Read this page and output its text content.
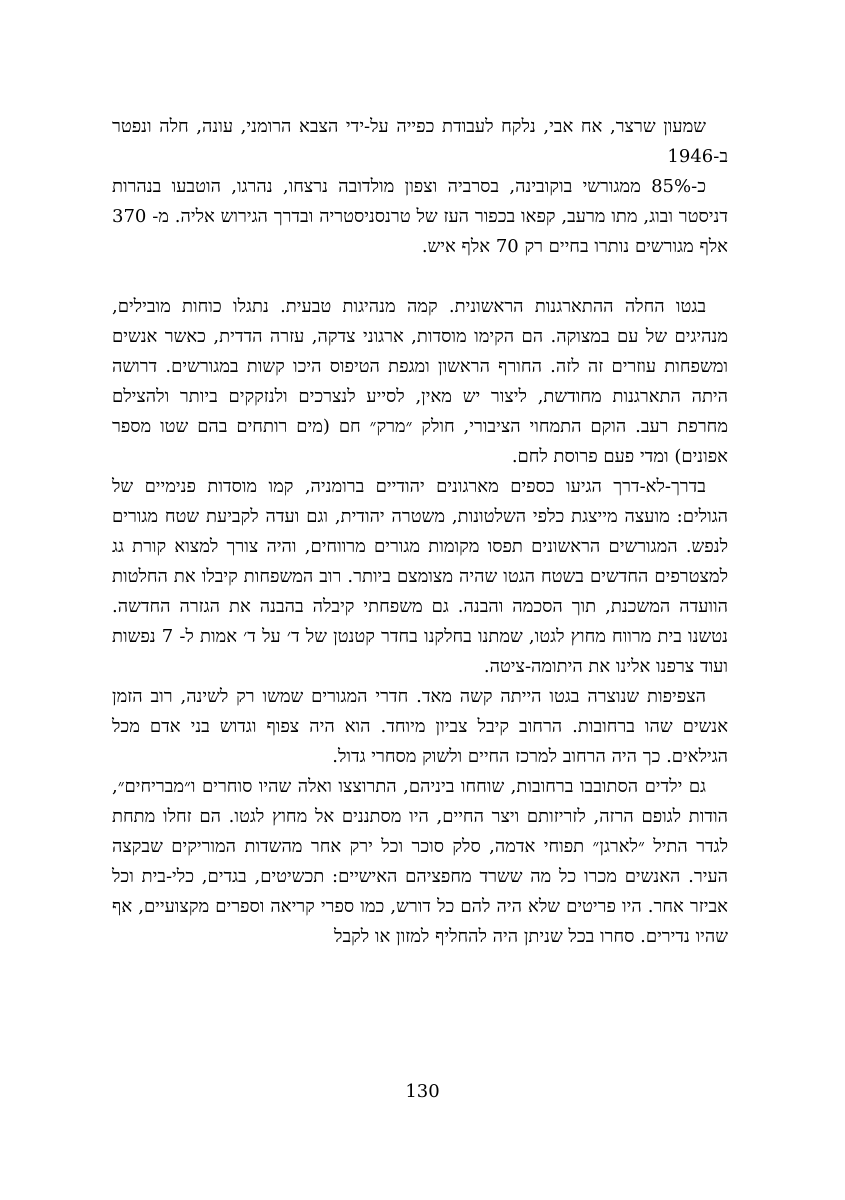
שמעון שרצר, אח אבי, נלקח לעבודת כפייה על-ידי הצבא הרומני, עונה, חלה ונפטר ב-1946

כ-85% ממגורשי בוקובינה, בסרביה וצפון מולדובה נרצחו, נהרגו, הוטבעו בנהרות דניסטר ובוג, מתו מרעב, קפאו בכפור העז של טרנסניסטריה ובדרך הגירוש אליה. מ- 370 אלף מגורשים נותרו בחיים רק 70 אלף איש.

בגטו החלה ההתארגנות הראשונית. קמה מנהיגות טבעית. נתגלו כוחות מובילים, מנהיגים של עם במצוקה. הם הקימו מוסדות, ארגוני צדקה, עזרה הדדית, כאשר אנשים ומשפחות עוזרים זה לזה. החורף הראשון ומגפת הטיפוס היכו קשות במגורשים. דרושה היתה התארגנות מחודשת, ליצור יש מאין, לסייע לנצרכים ולנזקקים ביותר ולהצילם מחרפת רעב. הוקם התמחוי הציבורי, חולק ״מרק״ חם (מים רותחים בהם שטו מספר אפונים) ומדי פעם פרוסת לחם.

בדרך-לא-דרך הגיעו כספים מארגונים יהודיים ברומניה, קמו מוסדות פנימיים של הגולים: מועצה מייצגת כלפי השלטונות, משטרה יהודית, וגם ועדה לקביעת שטח מגורים לנפש. המגורשים הראשונים תפסו מקומות מגורים מרווחים, והיה צורך למצוא קורת גג למצטרפים החדשים בשטח הגטו שהיה מצומצם ביותר. רוב המשפחות קיבלו את החלטות הוועדה המשכנת, תוך הסכמה והבנה. גם משפחתי קיבלה בהבנה את הגזרה החדשה. נטשנו בית מרווח מחוץ לגטו, שמתנו בחלקנו בחדר קטנטן של ד׳ על ד׳ אמות ל- 7 נפשות ועוד צרפנו אלינו את היתומה-ציטה.

הצפיפות שנוצרה בגטו הייתה קשה מאד. חדרי המגורים שמשו רק לשינה, רוב הזמן אנשים שהו ברחובות. הרחוב קיבל צביון מיוחד. הוא היה צפוף וגדוש בני אדם מכל הגילאים. כך היה הרחוב למרכז החיים ולשוק מסחרי גדול.

גם ילדים הסתובבו ברחובות, שוחחו ביניהם, התרוצצו ואלה שהיו סוחרים ו״מבריחים״, הודות לגופם הרזה, לזריזותם ויצר החיים, היו מסתננים אל מחוץ לגטו. הם זחלו מתחת לגדר התיל ״לארגן״ תפוחי אדמה, סלק סוכר וכל ירק אחר מהשדות המוריקים שבקצה העיר. האנשים מכרו כל מה ששרד מחפציהם האישיים: תכשיטים, בגדים, כלי-בית וכל אביזר אחר. היו פריטים שלא היה להם כל דורש, כמו ספרי קריאה וספרים מקצועיים, אף שהיו נדירים. סחרו בכל שניתן היה להחליף למזון או לקבל

130
